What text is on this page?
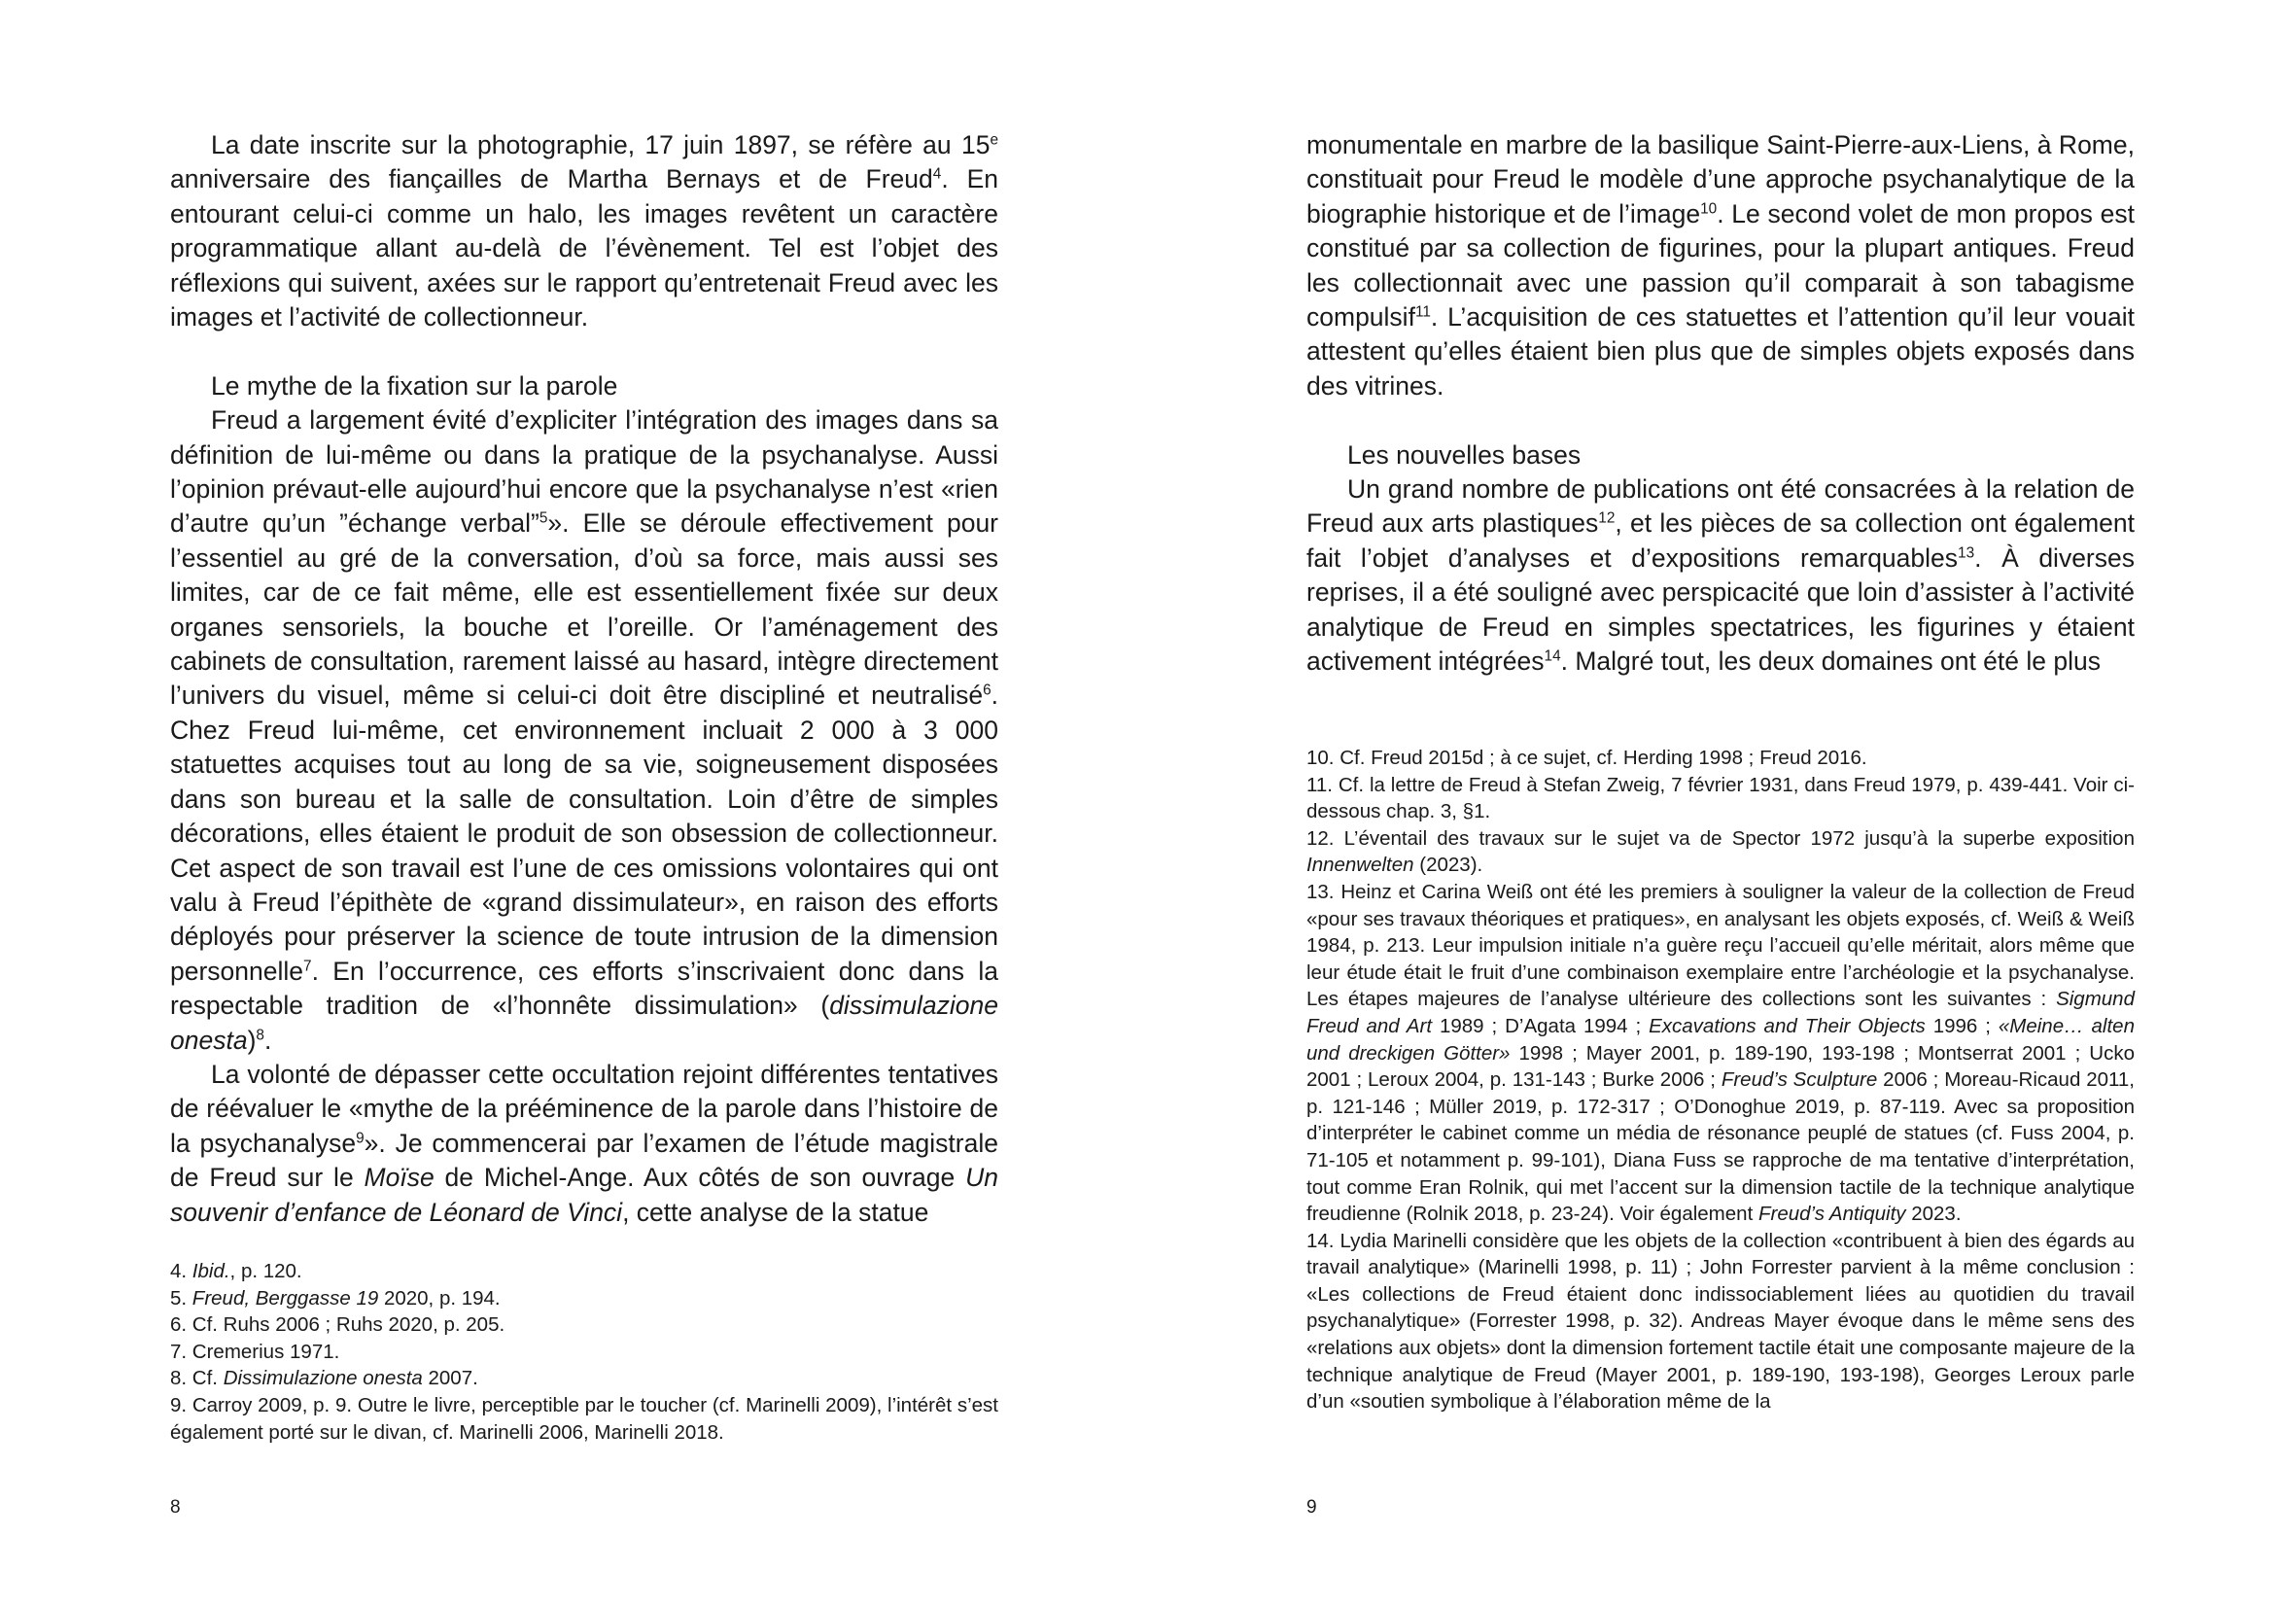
La date inscrite sur la photographie, 17 juin 1897, se réfère au 15e anniversaire des fiançailles de Martha Bernays et de Freud$^4$. En entourant celui-ci comme un halo, les images revêtent un caractère programmatique allant au-delà de l’évènement. Tel est l’objet des réflexions qui suivent, axées sur le rapport qu’entretenait Freud avec les images et l’activité de collectionneur.

Le mythe de la fixation sur la parole

Freud a largement évité d’expliciter l’intégration des images dans sa définition de lui-même ou dans la pratique de la psychanalyse. Aussi l’opinion prévaut-elle aujourd’hui encore que la psychanalyse n’est «rien d’autre qu’un ”échange verbal”$^5$». Elle se déroule effectivement pour l’essentiel au gré de la conversation, d’où sa force, mais aussi ses limites, car de ce fait même, elle est essentiellement fixée sur deux organes sensoriels, la bouche et l’oreille. Or l’aménagement des cabinets de consultation, rarement laissé au hasard, intègre directement l’univers du visuel, même si celui-ci doit être discipliné et neutralisé$^6$. Chez Freud lui-même, cet environnement incluait 2 000 à 3 000 statuettes acquises tout au long de sa vie, soigneusement disposées dans son bureau et la salle de consultation. Loin d’être de simples décorations, elles étaient le produit de son obsession de collectionneur. Cet aspect de son travail est l’une de ces omissions volontaires qui ont valu à Freud l’épithète de «grand dissimulateur», en raison des efforts déployés pour préserver la science de toute intrusion de la dimension personnelle$^7$. En l’occurrence, ces efforts s’inscrivaient donc dans la respectable tradition de «l’honnête dissimulation» (dissimulazione onesta)$^8$.

La volonté de dépasser cette occultation rejoint différentes tentatives de réévaluer le «mythe de la prééminence de la parole dans l’histoire de la psychanalyse$^9$». Je commencerai par l’examen de l’étude magistrale de Freud sur le Moïse de Michel-Ange. Aux côtés de son ouvrage Un souvenir d’enfance de Léonard de Vinci, cette analyse de la statue

4. Ibid., p. 120.

5. Freud, Berggasse 19 2020, p. 194.

6. Cf. Ruhs 2006 ; Ruhs 2020, p. 205.

7. Cremerius 1971.

8. Cf. Dissimulazione onesta 2007.

9. Carroy 2009, p. 9. Outre le livre, perceptible par le toucher (cf. Marinelli 2009), l’intérêt s’est également porté sur le divan, cf. Marinelli 2006, Marinelli 2018.

8

monumentale en marbre de la basilique Saint-Pierre-aux-Liens, à Rome, constituait pour Freud le modèle d’une approche psychanalytique de la biographie historique et de l’image$^{10}$. Le second volet de mon propos est constitué par sa collection de figurines, pour la plupart antiques. Freud les collectionnait avec une passion qu’il comparait à son tabagisme compulsif$^{11}$. L’acquisition de ces statuettes et l’attention qu’il leur vouait attestent qu’elles étaient bien plus que de simples objets exposés dans des vitrines.

Les nouvelles bases

Un grand nombre de publications ont été consacrées à la relation de Freud aux arts plastiques$^{12}$, et les pièces de sa collection ont également fait l’objet d’analyses et d’expositions remarquables$^{13}$. À diverses reprises, il a été souligné avec perspicacité que loin d’assister à l’activité analytique de Freud en simples spectatrices, les figurines y étaient activement intégrées$^{14}$. Malgré tout, les deux domaines ont été le plus

10. Cf. Freud 2015d ; à ce sujet, cf. Herding 1998 ; Freud 2016.

11. Cf. la lettre de Freud à Stefan Zweig, 7 février 1931, dans Freud 1979, p. 439-441. Voir ci-dessous chap. 3, §1.

12. L’éventail des travaux sur le sujet va de Spector 1972 jusqu’à la superbe exposition Innenwelten (2023).

13. Heinz et Carina Weiß ont été les premiers à souligner la valeur de la collection de Freud «pour ses travaux théoriques et pratiques», en analysant les objets exposés, cf. Weiß & Weiß 1984, p. 213. Leur impulsion initiale n’a guère reçu l’accueil qu’elle méritait, alors même que leur étude était le fruit d’une combinaison exemplaire entre l’archéologie et la psychanalyse. Les étapes majeures de l’analyse ultérieure des collections sont les suivantes : Sigmund Freud and Art 1989 ; D’Agata 1994 ; Excavations and Their Objects 1996 ; «Meine… alten und dreckigen Götter» 1998 ; Mayer 2001, p. 189-190, 193-198 ; Montserrat 2001 ; Ucko 2001 ; Leroux 2004, p. 131-143 ; Burke 2006 ; Freud’s Sculpture 2006 ; Moreau-Ricaud 2011, p. 121-146 ; Müller 2019, p. 172-317 ; O’Donoghue 2019, p. 87-119. Avec sa proposition d’interpréter le cabinet comme un média de résonance peuplé de statues (cf. Fuss 2004, p. 71-105 et notamment p. 99-101), Diana Fuss se rapproche de ma tentative d’interprétation, tout comme Eran Rolnik, qui met l’accent sur la dimension tactile de la technique analytique freudienne (Rolnik 2018, p. 23-24). Voir également Freud’s Antiquity 2023.

14. Lydia Marinelli considère que les objets de la collection «contribuent à bien des égards au travail analytique» (Marinelli 1998, p. 11) ; John Forrester parvient à la même conclusion : «Les collections de Freud étaient donc indissociablement liées au quotidien du travail psychanalytique» (Forrester 1998, p. 32). Andreas Mayer évoque dans le même sens des «relations aux objets» dont la dimension fortement tactile était une composante majeure de la technique analytique de Freud (Mayer 2001, p. 189-190, 193-198), Georges Leroux parle d’un «soutien symbolique à l’élaboration même de la

9
